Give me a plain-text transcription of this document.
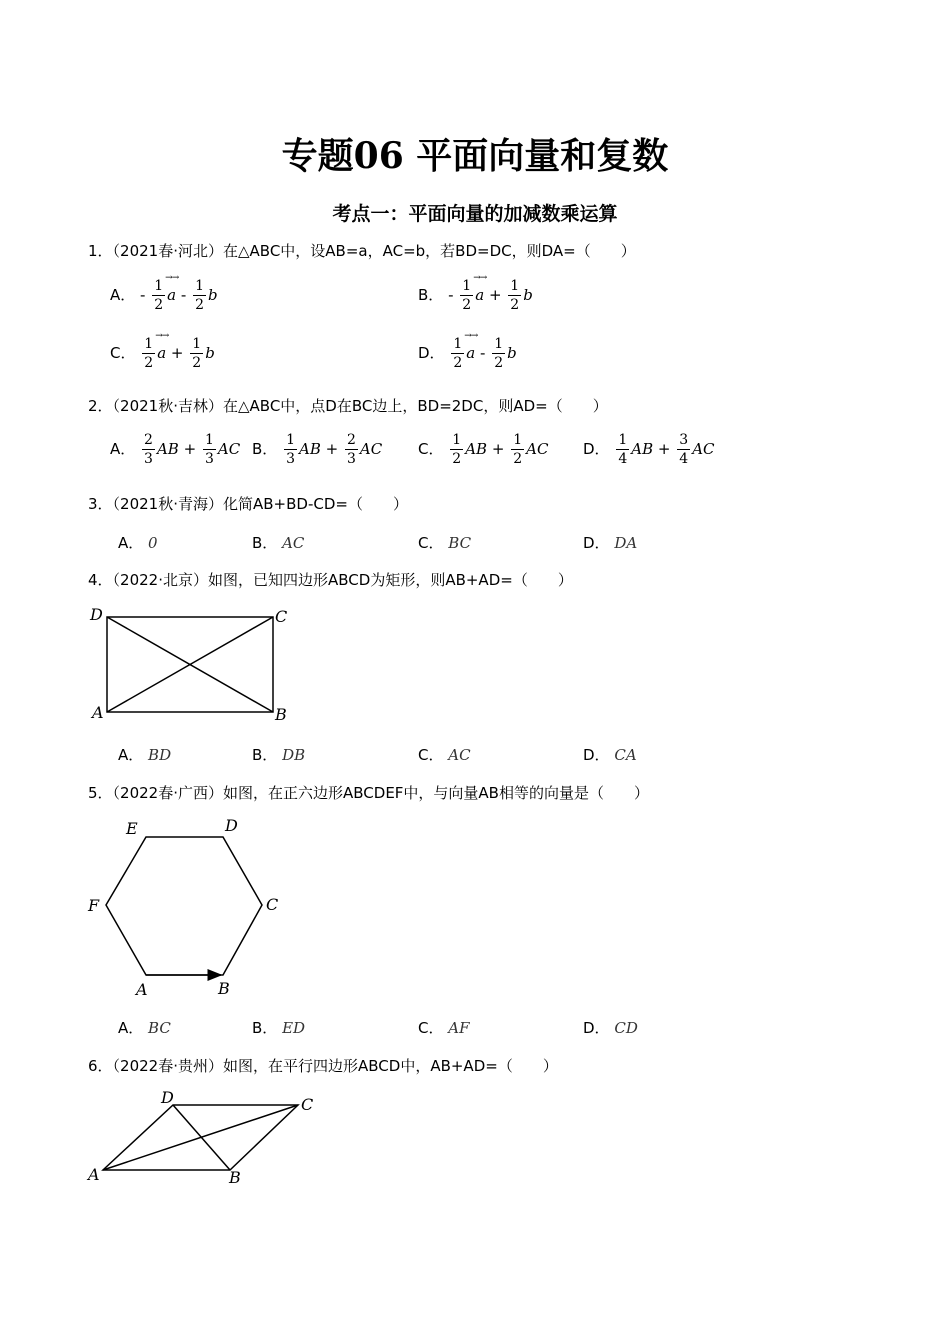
专题06 平面向量和复数
考点一：平面向量的加减数乘运算
1．（2021春·河北）在△ABC中，设AB=a，AC=b，若BD=DC，则DA=（　　）
A． - $\frac{1}{2}$
→→ a - $\frac{1}{2}$ b	B． - $\frac{1}{2}$
→→ $a + \frac{1}{2}$ b
C． $\frac{1}{2}$
→→ $a + \frac{1}{2}$ b	D． $\frac{1}{2}$
→→ a - $\frac{1}{2}$ b
2．（2021秋·吉林）在△ABC中，点D在BC边上，BD=2DC，则AD=（　　）
A． $\frac{2}{3}$ AB + $\frac{1}{3}$ AC B． $\frac{1}{3}$ AB + $\frac{2}{3}$ AC C． $\frac{1}{2}$ AB + $\frac{1}{2}$ AC D． $\frac{1}{4}$ AB + $\frac{3}{4}$ AC
3．（2021秋·青海）化简AB+BD-CD=（　　）
A． 0	B． AC	C． BC	D． DA
4．（2022·北京）如图，已知四边形ABCD为矩形，则AB+AD=（　　）
D	C
A	B
A． BD	B． DB	C． AC	D． CA
5．（2022春·广西）如图，在正六边形ABCDEF中，与向量AB相等的向量是（　　）
E	D
F	C
A	B
A． BC	B． ED	C． AF	D． CD
6．（2022春·贵州）如图，在平行四边形ABCD中，AB+AD=（　　）
D	C
A	B
